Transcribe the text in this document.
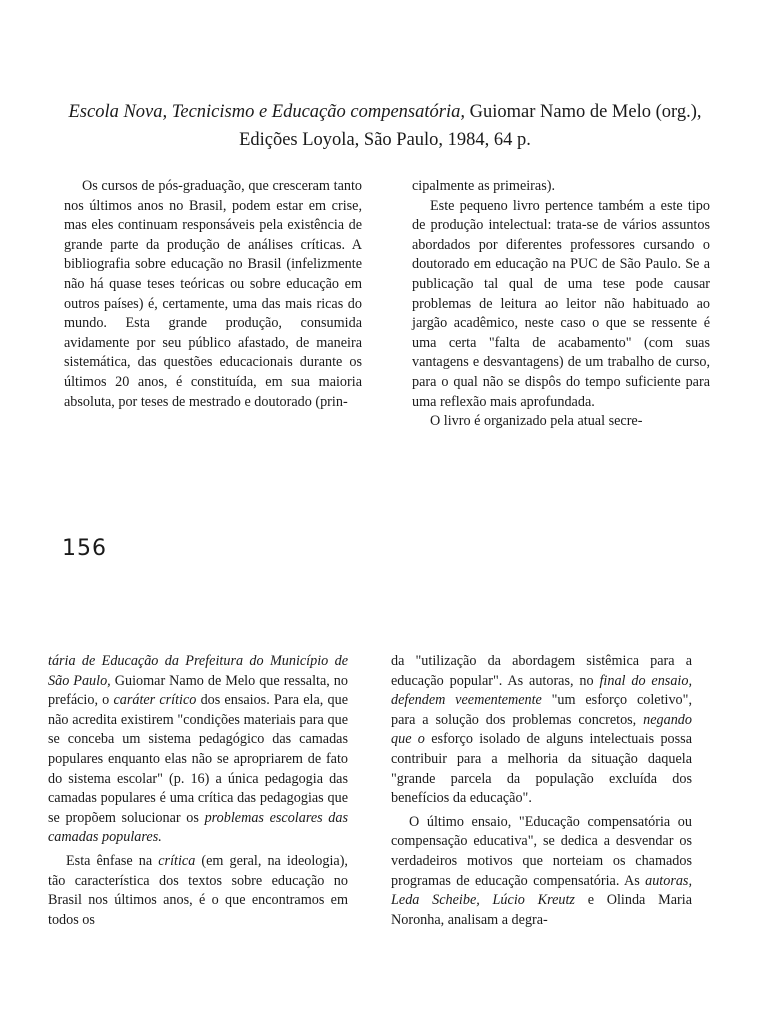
Escola Nova, Tecnicismo e Educação compensatória, Guiomar Namo de Melo (org.), Edições Loyola, São Paulo, 1984, 64 p.

Os cursos de pós-graduação, que cresceram tanto nos últimos anos no Brasil, podem estar em crise, mas eles continuam responsáveis pela existência de grande parte da produção de análises críticas. A bibliografia sobre educação no Brasil (infelizmente não há quase teses teóricas ou sobre educação em outros países) é, certamente, uma das mais ricas do mundo. Esta grande produção, consumida avidamente por seu público afastado, de maneira sistemática, das questões educacionais durante os últimos 20 anos, é constituída, em sua maioria absoluta, por teses de mestrado e doutorado (prin-

cipalmente as primeiras).

Este pequeno livro pertence também a este tipo de produção intelectual: trata-se de vários assuntos abordados por diferentes professores cursando o doutorado em educação na PUC de São Paulo. Se a publicação tal qual de uma tese pode causar problemas de leitura ao leitor não habituado ao jargão acadêmico, neste caso o que se ressente é uma certa "falta de acabamento" (com suas vantagens e desvantagens) de um trabalho de curso, para o qual não se dispôs do tempo suficiente para uma reflexão mais aprofundada.

O livro é organizado pela atual secre-

156

tária de Educação da Prefeitura do Município de São Paulo, Guiomar Namo de Melo que ressalta, no prefácio, o caráter crítico dos ensaios. Para ela, que não acredita existirem "condições materiais para que se conceba um sistema pedagógico das camadas populares enquanto elas não se apropriarem de fato do sistema escolar" (p. 16) a única pedagogia das camadas populares é uma crítica das pedagogias que se propõem solucionar os problemas escolares das camadas populares.

Esta ênfase na crítica (em geral, na ideologia), tão característica dos textos sobre educação no Brasil nos últimos anos, é o que encontramos em todos os

da "utilização da abordagem sistêmica para a educação popular". As autoras, no final do ensaio, defendem veementemente "um esforço coletivo", para a solução dos problemas concretos, negando que o esforço isolado de alguns intelectuais possa contribuir para a melhoria da situação daquela "grande parcela da população excluída dos benefícios da educação".

O último ensaio, "Educação compensatória ou compensação educativa", se dedica a desvendar os verdadeiros motivos que norteiam os chamados programas de educação compensatória. As autoras, Leda Scheibe, Lúcio Kreutz e Olinda Maria Noronha, analisam a degra-
